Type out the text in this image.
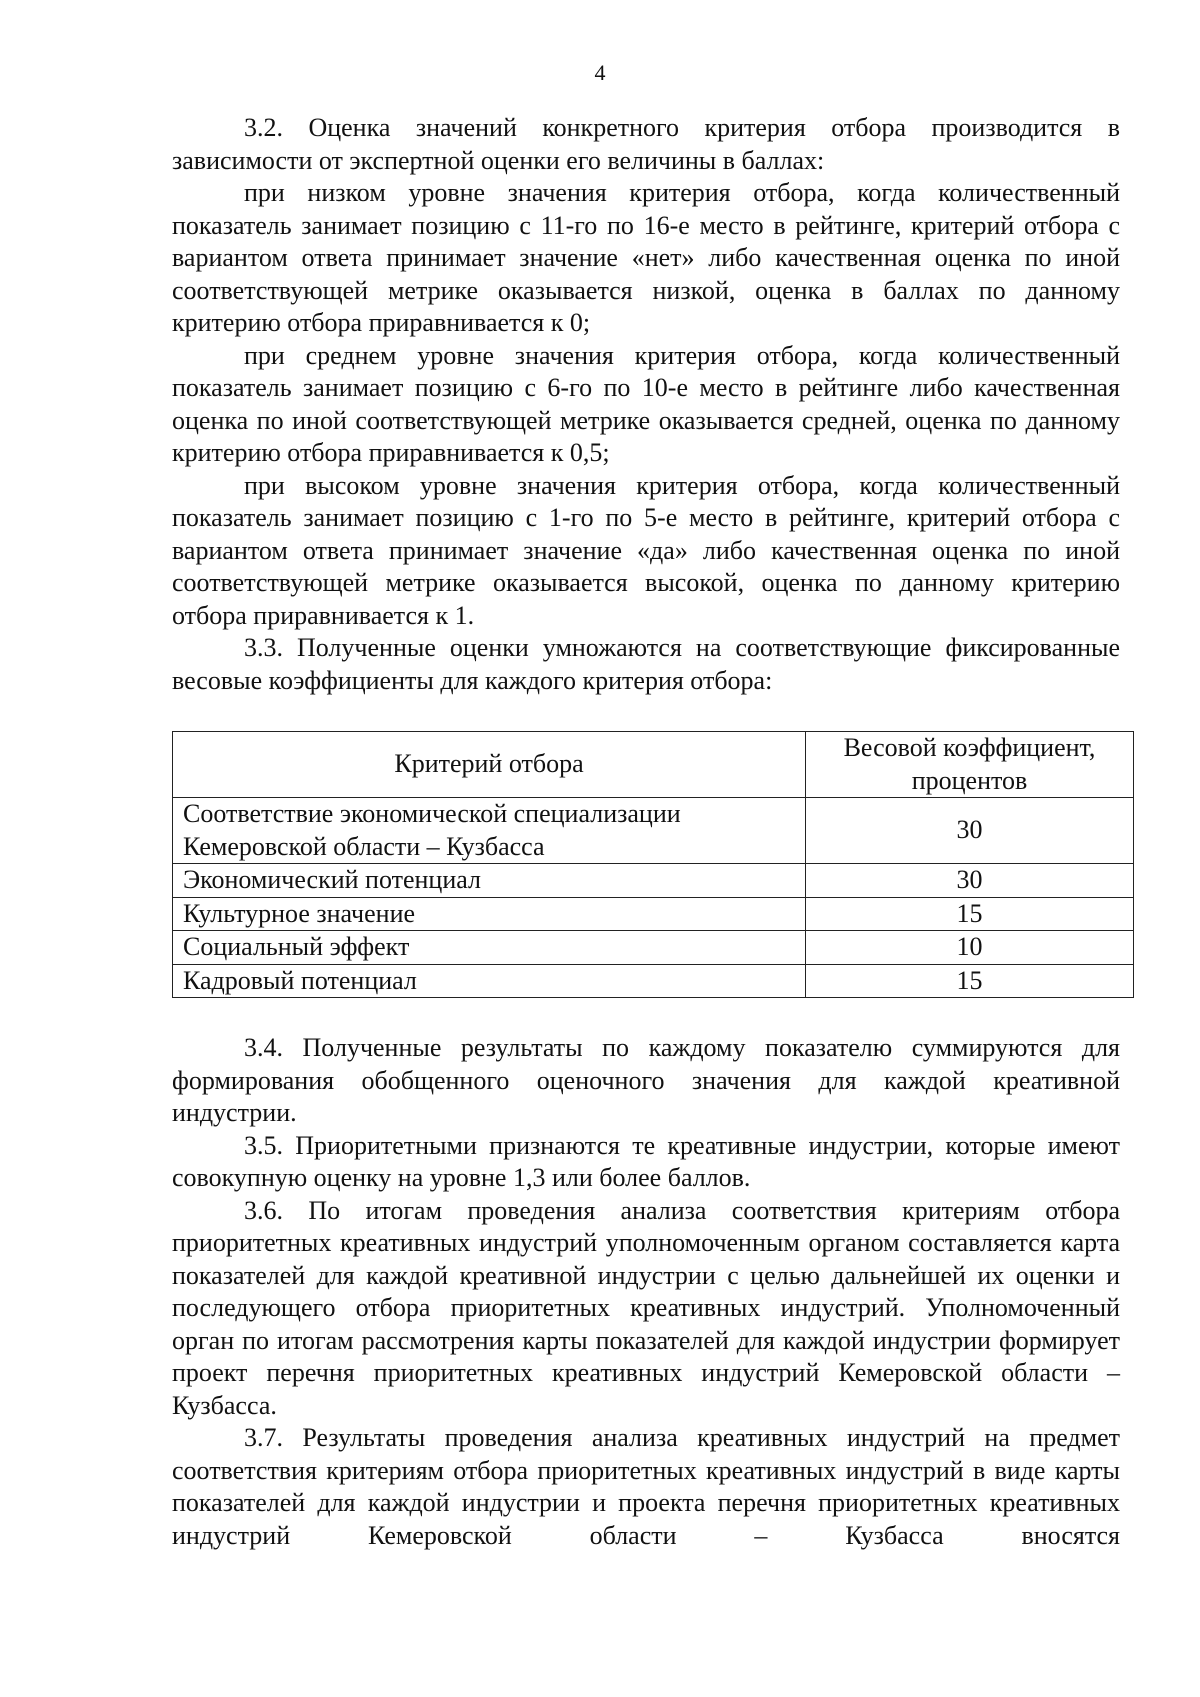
4

3.2. Оценка значений конкретного критерия отбора производится в зависимости от экспертной оценки его величины в баллах:

при низком уровне значения критерия отбора, когда количественный показатель занимает позицию с 11-го по 16-е место в рейтинге, критерий отбора с вариантом ответа принимает значение «нет» либо качественная оценка по иной соответствующей метрике оказывается низкой, оценка в баллах по данному критерию отбора приравнивается к 0;

при среднем уровне значения критерия отбора, когда количественный показатель занимает позицию с 6-го по 10-е место в рейтинге либо качественная оценка по иной соответствующей метрике оказывается средней, оценка по данному критерию отбора приравнивается к 0,5;

при высоком уровне значения критерия отбора, когда количественный показатель занимает позицию с 1-го по 5-е место в рейтинге, критерий отбора с вариантом ответа принимает значение «да» либо качественная оценка по иной соответствующей метрике оказывается высокой, оценка по данному критерию отбора приравнивается к 1.

3.3. Полученные оценки умножаются на соответствующие фиксированные весовые коэффициенты для каждого критерия отбора:

Критерий отбора	Весовой коэффициент, процентов
Соответствие экономической специализации Кемеровской области – Кузбасса	30
Экономический потенциал	30
Культурное значение	15
Социальный эффект	10
Кадровый потенциал	15

3.4. Полученные результаты по каждому показателю суммируются для формирования обобщенного оценочного значения для каждой креативной индустрии.

3.5. Приоритетными признаются те креативные индустрии, которые имеют совокупную оценку на уровне 1,3 или более баллов.

3.6. По итогам проведения анализа соответствия критериям отбора приоритетных креативных индустрий уполномоченным органом составляется карта показателей для каждой креативной индустрии с целью дальнейшей их оценки и последующего отбора приоритетных креативных индустрий. Уполномоченный орган по итогам рассмотрения карты показателей для каждой индустрии формирует проект перечня приоритетных креативных индустрий Кемеровской области – Кузбасса.

3.7. Результаты проведения анализа креативных индустрий на предмет соответствия критериям отбора приоритетных креативных индустрий в виде карты показателей для каждой индустрии и проекта перечня приоритетных креативных индустрий Кемеровской области – Кузбасса вносятся
